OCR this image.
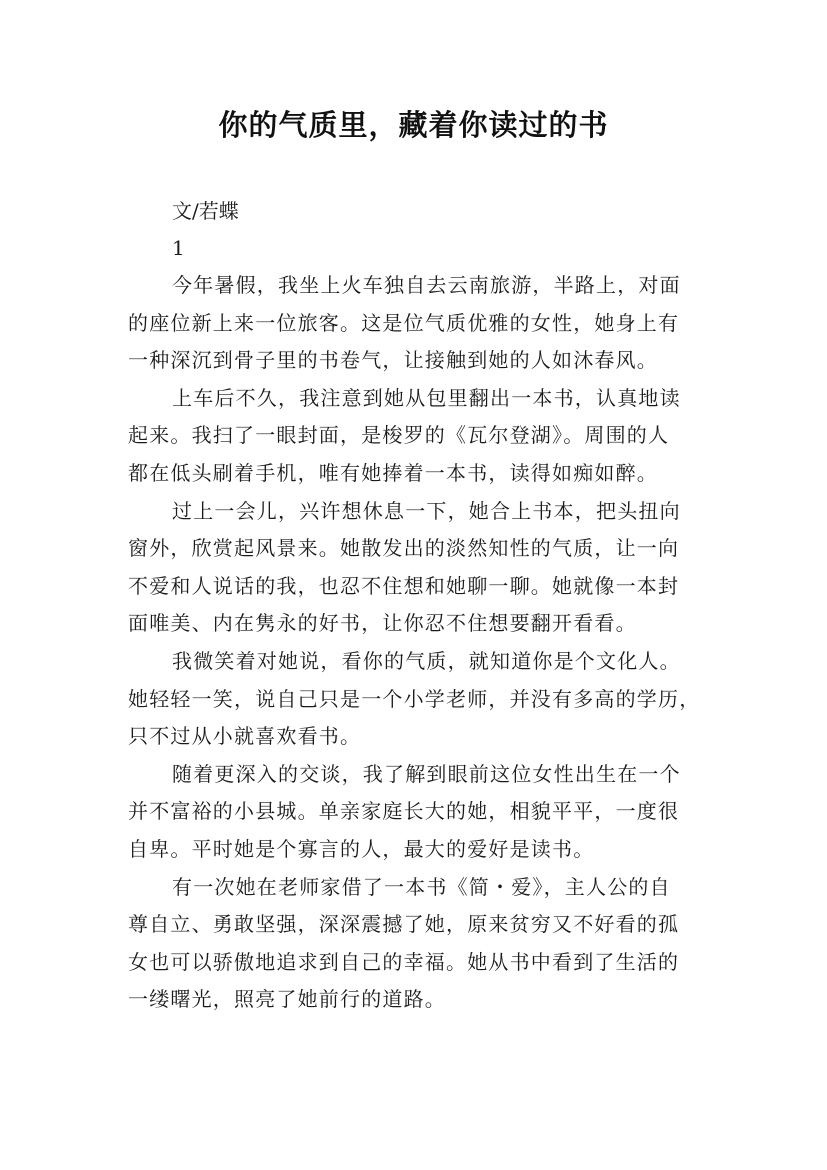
你的气质里，藏着你读过的书
文/若蝶
1

今年暑假，我坐上火车独自去云南旅游，半路上，对面
的座位新上来一位旅客。这是位气质优雅的女性，她身上有
一种深沉到骨子里的书卷气，让接触到她的人如沐春风。

上车后不久，我注意到她从包里翻出一本书，认真地读
起来。我扫了一眼封面，是梭罗的《瓦尔登湖》。周围的人
都在低头刷着手机，唯有她捧着一本书，读得如痴如醉。

过上一会儿，兴许想休息一下，她合上书本，把头扭向
窗外，欣赏起风景来。她散发出的淡然知性的气质，让一向
不爱和人说话的我，也忍不住想和她聊一聊。她就像一本封
面唯美、内在隽永的好书，让你忍不住想要翻开看看。

我微笑着对她说，看你的气质，就知道你是个文化人。
她轻轻一笑，说自己只是一个小学老师，并没有多高的学历，
只不过从小就喜欢看书。

随着更深入的交谈，我了解到眼前这位女性出生在一个
并不富裕的小县城。单亲家庭长大的她，相貌平平，一度很
自卑。平时她是个寡言的人，最大的爱好是读书。

有一次她在老师家借了一本书《简・爱》，主人公的自
尊自立、勇敢坚强，深深震撼了她，原来贫穷又不好看的孤
女也可以骄傲地追求到自己的幸福。她从书中看到了生活的
一缕曙光，照亮了她前行的道路。
